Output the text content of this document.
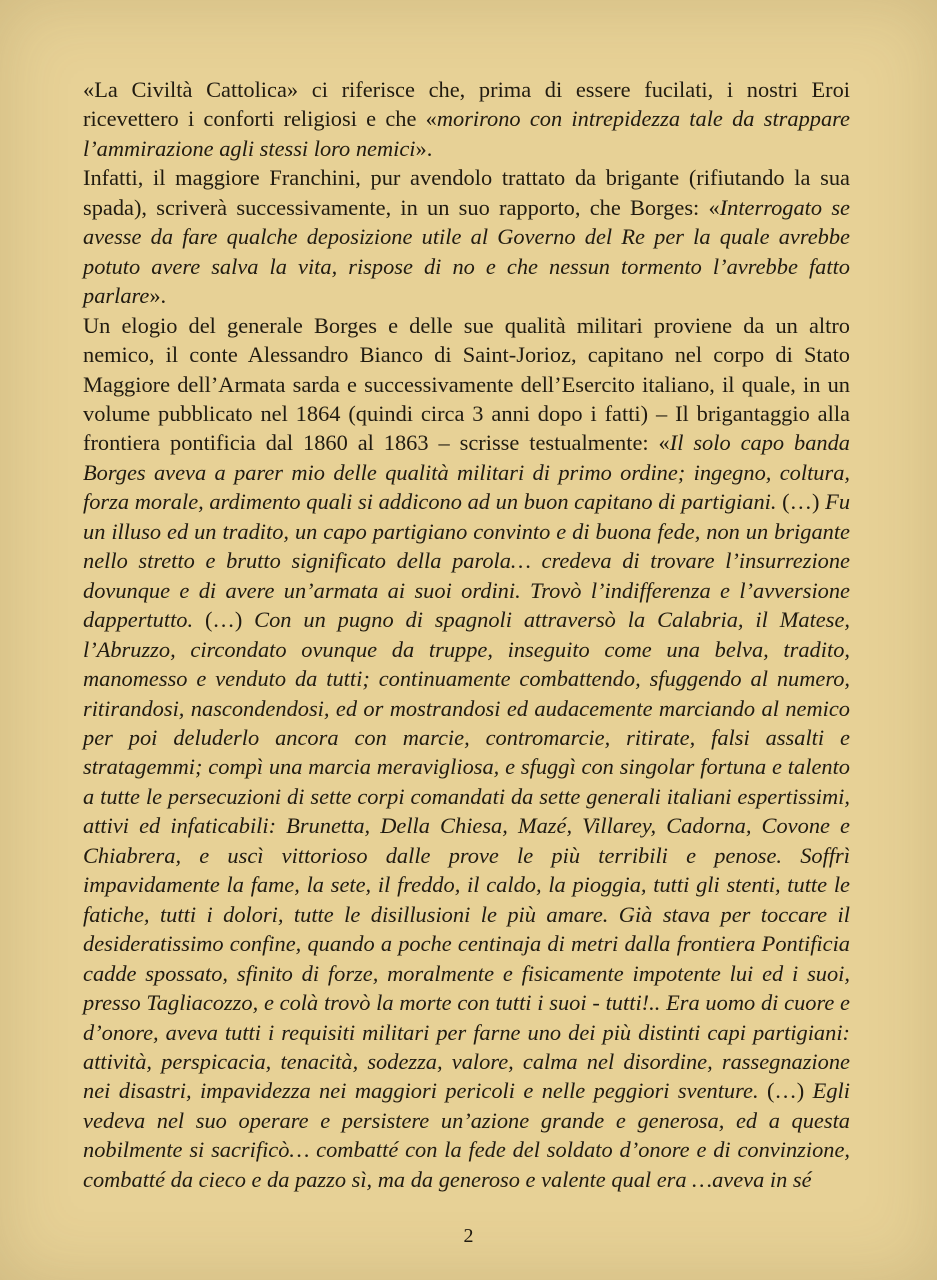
«La Civiltà Cattolica» ci riferisce che, prima di essere fucilati, i nostri Eroi ricevettero i conforti religiosi e che «morirono con intrepidezza tale da strappare l’ammirazione agli stessi loro nemici».

Infatti, il maggiore Franchini, pur avendolo trattato da brigante (rifiutando la sua spada), scriverà successivamente, in un suo rapporto, che Borges: «Interrogato se avesse da fare qualche deposizione utile al Governo del Re per la quale avrebbe potuto avere salva la vita, rispose di no e che nessun tormento l’avrebbe fatto parlare».

Un elogio del generale Borges e delle sue qualità militari proviene da un altro nemico, il conte Alessandro Bianco di Saint-Jorioz, capitano nel corpo di Stato Maggiore dell’Armata sarda e successivamente dell’Esercito italiano, il quale, in un volume pubblicato nel 1864 (quindi circa 3 anni dopo i fatti) – Il brigantaggio alla frontiera pontificia dal 1860 al 1863 – scrisse testualmente: «Il solo capo banda Borges aveva a parer mio delle qualità militari di primo ordine; ingegno, coltura, forza morale, ardimento quali si addicono ad un buon capitano di partigiani. (…) Fu un illuso ed un tradito, un capo partigiano convinto e di buona fede, non un brigante nello stretto e brutto significato della parola… credeva di trovare l’insurrezione dovunque e di avere un’armata ai suoi ordini. Trovò l’indifferenza e l’avversione dappertutto. (…) Con un pugno di spagnoli attraversò la Calabria, il Matese, l’Abruzzo, circondato ovunque da truppe, inseguito come una belva, tradito, manomesso e venduto da tutti; continuamente combattendo, sfuggendo al numero, ritirandosi, nascondendosi, ed or mostrandosi ed audacemente marciando al nemico per poi deluderlo ancora con marcie, contromarcie, ritirate, falsi assalti e stratagemmi; compì una marcia meravigliosa, e sfuggì con singolar fortuna e talento a tutte le persecuzioni di sette corpi comandati da sette generali italiani espertissimi, attivi ed infaticabili: Brunetta, Della Chiesa, Mazé, Villarey, Cadorna, Covone e Chiabrera, e uscì vittorioso dalle prove le più terribili e penose. Soffrì impavidamente la fame, la sete, il freddo, il caldo, la pioggia, tutti gli stenti, tutte le fatiche, tutti i dolori, tutte le disillusioni le più amare. Già stava per toccare il desideratissimo confine, quando a poche centinaja di metri dalla frontiera Pontificia cadde spossato, sfinito di forze, moralmente e fisicamente impotente lui ed i suoi, presso Tagliacozzo, e colà trovò la morte con tutti i suoi - tutti!.. Era uomo di cuore e d’onore, aveva tutti i requisiti militari per farne uno dei più distinti capi partigiani: attività, perspicacia, tenacità, sodezza, valore, calma nel disordine, rassegnazione nei disastri, impavidezza nei maggiori pericoli e nelle peggiori sventure. (…) Egli vedeva nel suo operare e persistere un’azione grande e generosa, ed a questa nobilmente si sacrificò… combatté con la fede del soldato d’onore e di convinzione, combatté da cieco e da pazzo sì, ma da generoso e valente qual era …aveva in sé

2
